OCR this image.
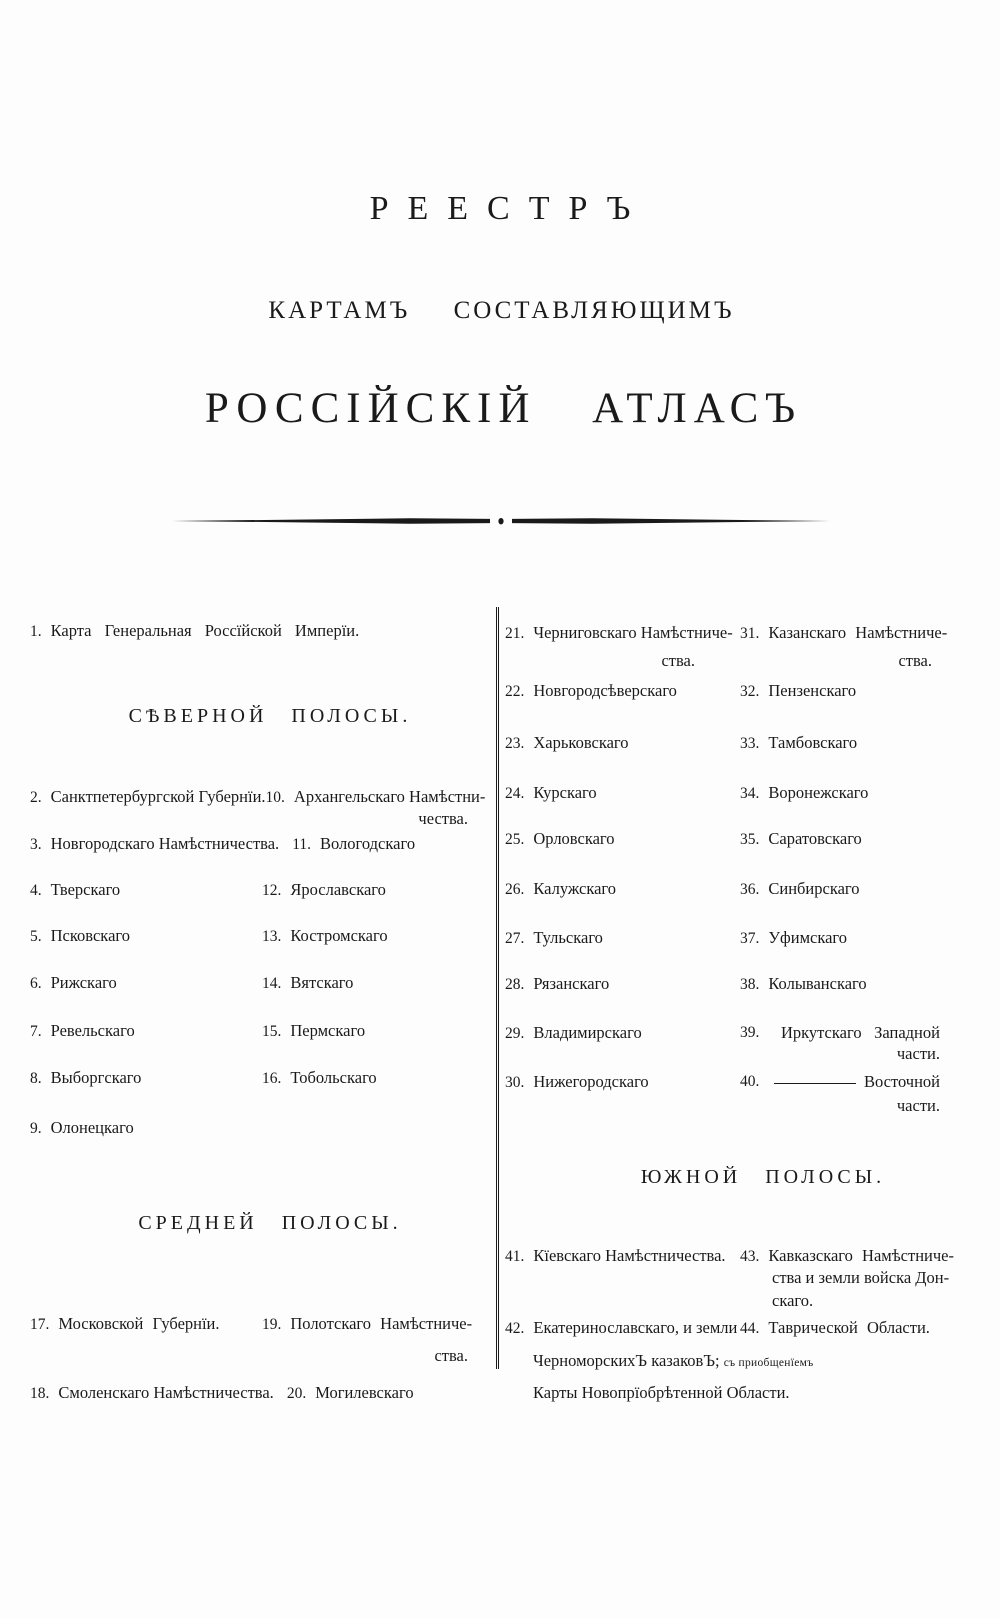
РЕЕСТРЪ
КАРТАМЪ СОСТАВЛЯЮЩИМЪ
РОССІЙСКІЙ АТЛАСЪ
1. Карта Генеральная Россїйской Имперїи.
СѢВЕРНОЙ ПОЛОСЫ.
2. Санктпетербургской Губернїи. 10. Архангельскаго Намѣстни-
чества.
3. Новгородскаго Намѣстничества. 11. Вологодскаго
4. Тверскаго	12. Ярославскаго
5. Псковскаго	13. Костромскаго
6. Рижскаго	14. Вятскаго
7. Ревельскаго	15. Пермскаго
8. Выборгскаго	16. Тобольскаго
9. Олонецкаго
СРЕДНЕЙ ПОЛОСЫ.
17. Московской Губернїи.	19. Полотскаго Намѣстниче-
ства.
18. Смоленскаго Намѣстничества. 20. Могилевскаго
21. Черниговскаго Намѣстниче- 31. Казанскаго Намѣстниче-
ства.	ства.
22. Новгородсѣверскаго	32. Пензенскаго
23. Харьковскаго	33. Тамбовскаго
24. Курскаго	34. Воронежскаго
25. Орловскаго	35. Саратовскаго
26. Калужскаго	36. Синбирскаго
27. Тульскаго	37. Уфимскаго
28. Рязанскаго	38. Колыванскаго
29. Владимирскаго	39. Иркутскаго Западной
части.
30. Нижегородскаго	40.	Восточной
части.
ЮЖНОЙ ПОЛОСЫ.
41. Кїевскаго Намѣстничества. 43. Кавказскаго Намѣстниче-
ства и земли войска Дон-
скаго.
42. Екатеринославскаго, и земли 44. Таврической Области.
ЧерноморскихЪ казаковЪ; съ приобщенїемъ
Карты Новопрїобрѣтенной Области.
